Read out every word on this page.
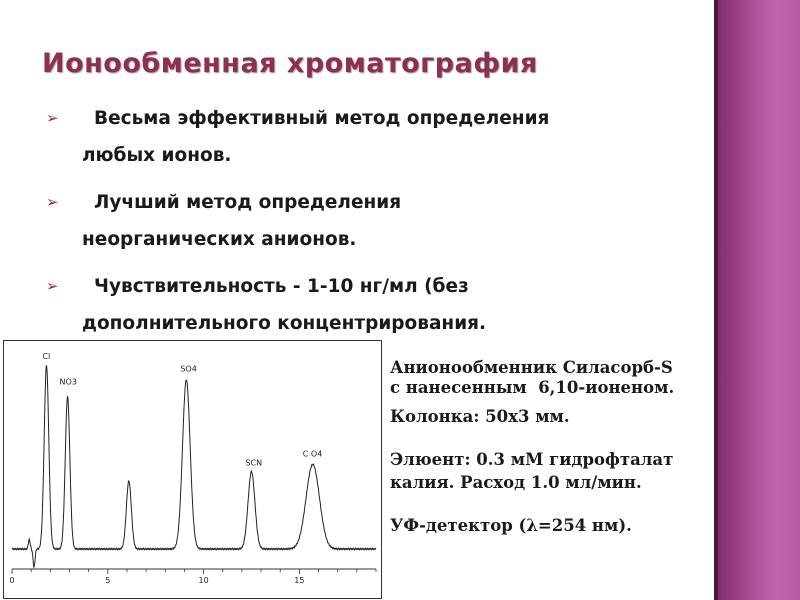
Ионообменная хроматография
➢ Весьма эффективный метод определения
любых ионов.
➢ Лучший метод определения
неорганических анионов.
➢ Чувствительность - 1-10 нг/мл (без
дополнительного концентрирования.
0	5	10	15
Cl
NO3
SO4
SCN
C O4
Анионообменник Силасорб-S
с нанесенным  6,10-ионеном.
Колонка: 50х3 мм.
Элюент: 0.3 мМ гидрофталат
калия. Расход 1.0 мл/мин.
УФ-детектор (λ=254 нм).
